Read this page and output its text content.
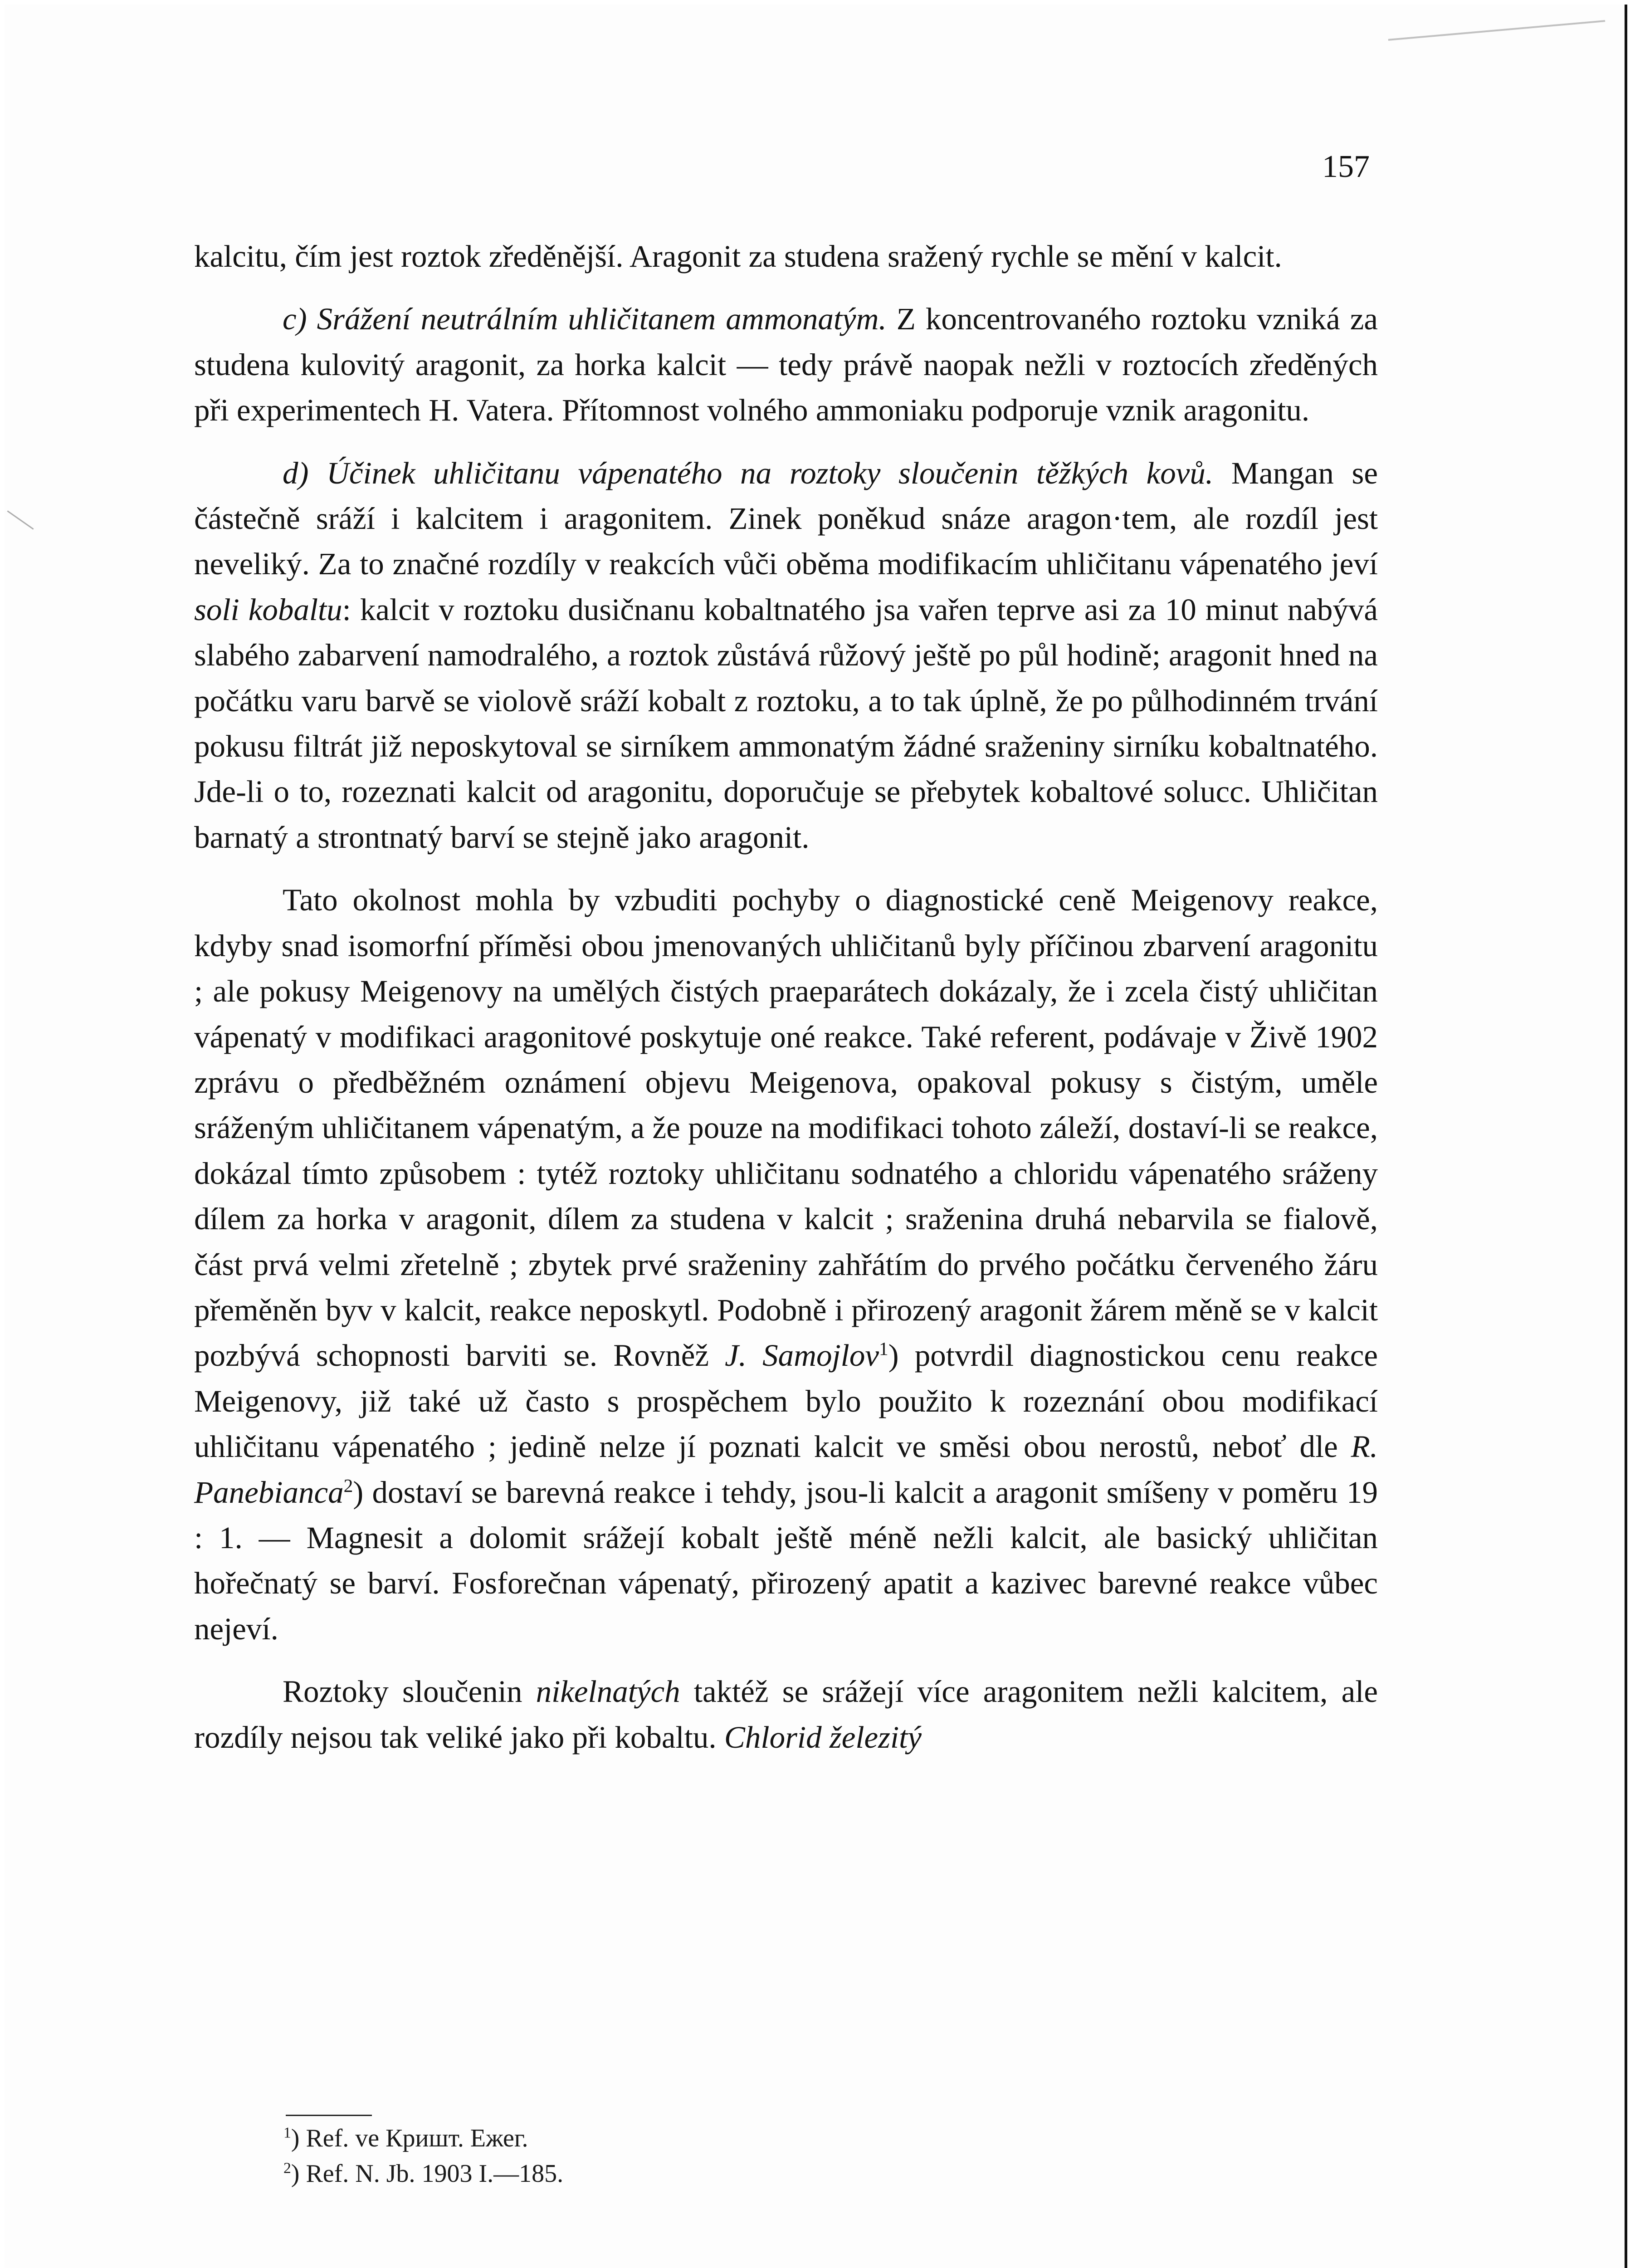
157

kalcitu, čím jest roztok zředěnější. Aragonit za studena sražený rychle se mění v kalcit.

c) Srážení neutrálním uhličitanem ammonatým. Z koncentrovaného roztoku vzniká za studena kulovitý aragonit, za horka kalcit — tedy právě naopak nežli v roztocích zředěných při experimentech H. Vatera. Přítomnost volného ammoniaku podporuje vznik aragonitu.

d) Účinek uhličitanu vápenatého na roztoky sloučenin těžkých kovů. Mangan se částečně sráží i kalcitem i aragonitem. Zinek poněkud snáze aragon·tem, ale rozdíl jest neveliký. Za to značné rozdíly v reakcích vůči oběma modifikacím uhličitanu vápenatého jeví soli kobaltu: kalcit v roztoku dusičnanu kobaltnatého jsa vařen teprve asi za 10 minut nabývá slabého zabarvení namodralého, a roztok zůstává růžový ještě po půl hodině; aragonit hned na počátku varu barvě se violově sráží kobalt z roztoku, a to tak úplně, že po půlhodinném trvání pokusu filtrát již neposkytoval se sirníkem ammonatým žádné sraženiny sirníku kobaltnatého. Jde-li o to, rozeznati kalcit od aragonitu, doporučuje se přebytek kobaltové solucc. Uhličitan barnatý a strontnatý barví se stejně jako aragonit.

Tato okolnost mohla by vzbuditi pochyby o diagnostické ceně Meigenovy reakce, kdyby snad isomorfní příměsi obou jmenovaných uhličitanů byly příčinou zbarvení aragonitu ; ale pokusy Meigenovy na umělých čistých praeparátech dokázaly, že i zcela čistý uhličitan vápenatý v modifikaci aragonitové poskytuje oné reakce. Také referent, podávaje v Živě 1902 zprávu o předběžném oznámení objevu Meigenova, opakoval pokusy s čistým, uměle sráženým uhličitanem vápenatým, a že pouze na modifikaci tohoto záleží, dostaví-li se reakce, dokázal tímto způsobem : tytéž roztoky uhličitanu sodnatého a chloridu vápenatého sráženy dílem za horka v aragonit, dílem za studena v kalcit ; sraženina druhá nebarvila se fialově, část prvá velmi zřetelně ; zbytek prvé sraženiny zahřátím do prvého počátku červeného žáru přeměněn byv v kalcit, reakce neposkytl. Podobně i přirozený aragonit žárem měně se v kalcit pozbývá schopnosti barviti se. Rovněž J. Samojlov$^1$) potvrdil diagnostickou cenu reakce Meigenovy, již také už často s prospěchem bylo použito k rozeznání obou modifikací uhličitanu vápenatého ; jedině nelze jí poznati kalcit ve směsi obou nerostů, neboť dle R. Panebianca$^2$) dostaví se barevná reakce i tehdy, jsou-li kalcit a aragonit smíšeny v poměru 19 : 1. — Magnesit a dolomit srážejí kobalt ještě méně nežli kalcit, ale basický uhličitan hořečnatý se barví. Fosforečnan vápenatý, přirozený apatit a kazivec barevné reakce vůbec nejeví.

Roztoky sloučenin nikelnatých taktéž se srážejí více aragonitem nežli kalcitem, ale rozdíly nejsou tak veliké jako při kobaltu. Chlorid železitý

$^1$) Ref. ve Кришт. Ежег.
$^2$) Ref. N. Jb. 1903 I.—185.
